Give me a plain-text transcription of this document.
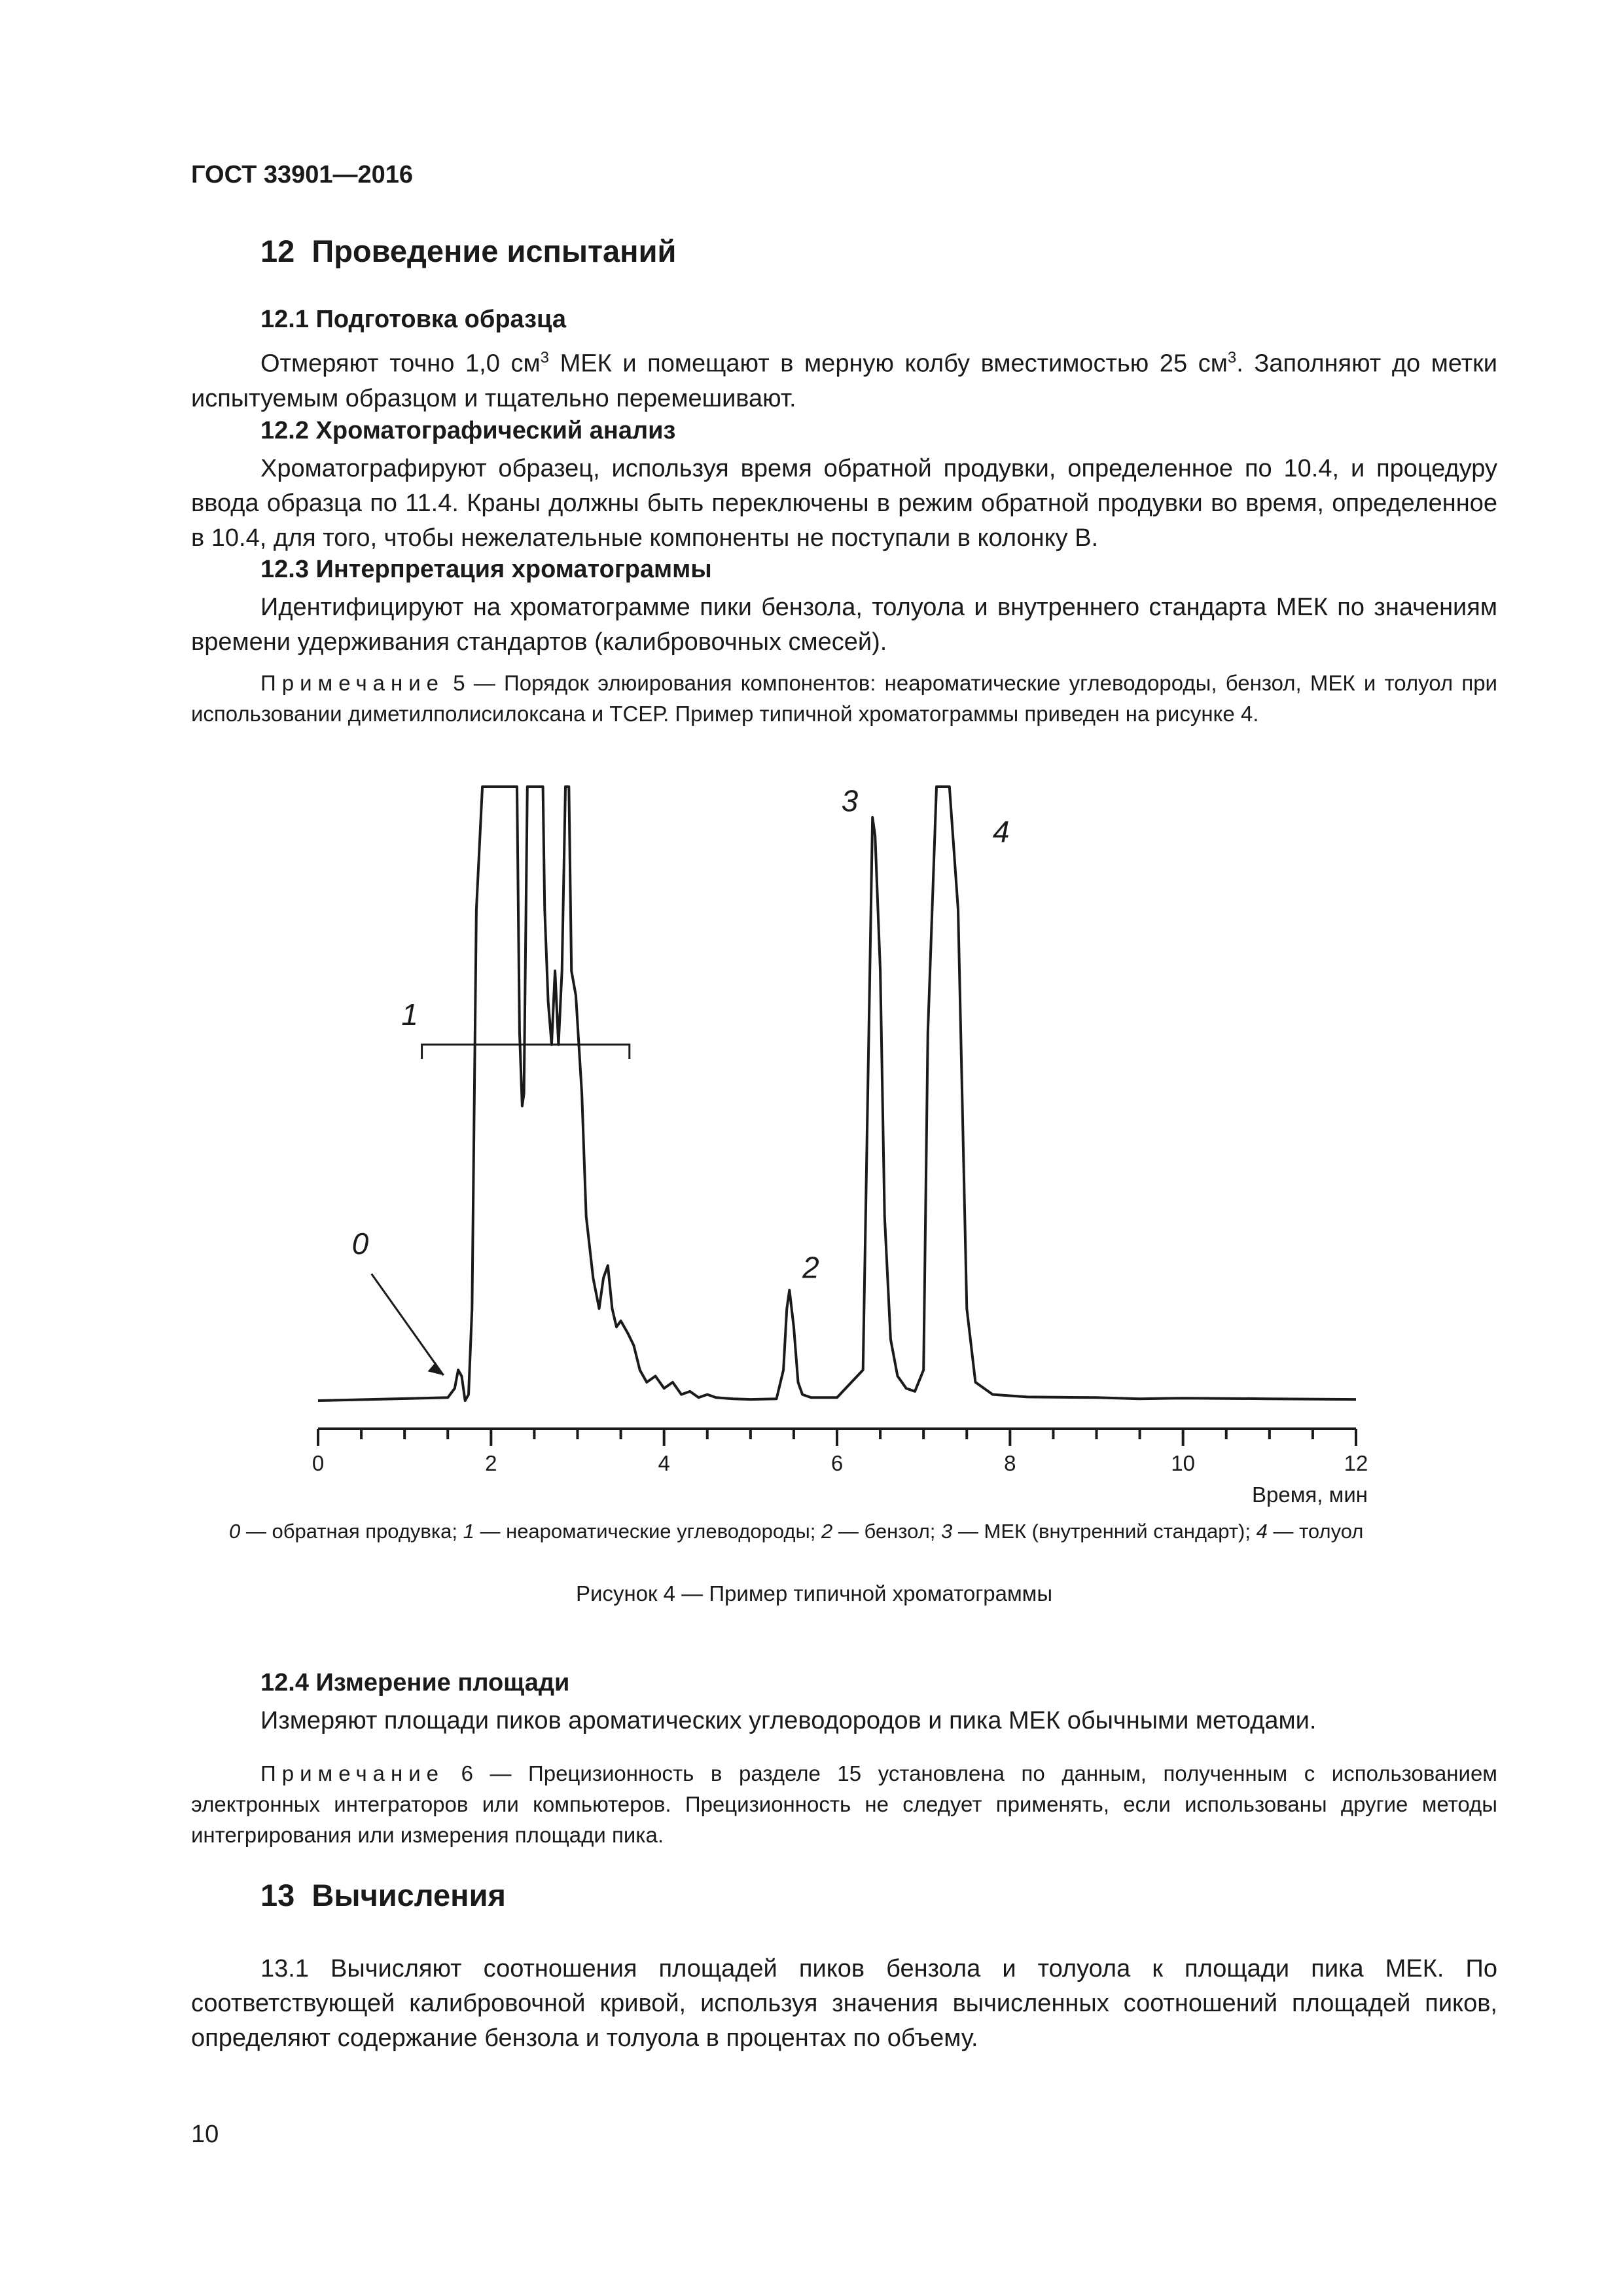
ГОСТ 33901—2016
12 Проведение испытаний
12.1 Подготовка образца
Отмеряют точно 1,0 $см^3$ МЕК и помещают в мерную колбу вместимостью 25 $см^3$. Заполняют до метки испытуемым образцом и тщательно перемешивают.
12.2 Хроматографический анализ
Хроматографируют образец, используя время обратной продувки, определенное по 10.4, и процедуру ввода образца по 11.4. Краны должны быть переключены в режим обратной продувки во время, определенное в 10.4, для того, чтобы нежелательные компоненты не поступали в колонку В.
12.3 Интерпретация хроматограммы
Идентифицируют на хроматограмме пики бензола, толуола и внутреннего стандарта МЕК по значениям времени удерживания стандартов (калибровочных смесей).
Примечание 5 — Порядок элюирования компонентов: неароматические углеводороды, бензол, МЕК и толуол при использовании диметилполисилоксана и ТСЕР. Пример типичной хроматограммы приведен на рисунке 4.
0	2	4	6	8	10	12
Время, мин
0
1
2
3
4
0 — обратная продувка; 1 — неароматические углеводороды; 2 — бензол; 3 — МЕК (внутренний стандарт); 4 — толуол
Рисунок 4 — Пример типичной хроматограммы
12.4 Измерение площади
Измеряют площади пиков ароматических углеводородов и пика МЕК обычными методами.
Примечание 6 — Прецизионность в разделе 15 установлена по данным, полученным с использованием электронных интеграторов или компьютеров. Прецизионность не следует применять, если использованы другие методы интегрирования или измерения площади пика.
13 Вычисления
13.1 Вычисляют соотношения площадей пиков бензола и толуола к площади пика МЕК. По соответствующей калибровочной кривой, используя значения вычисленных соотношений площадей пиков, определяют содержание бензола и толуола в процентах по объему.
10
